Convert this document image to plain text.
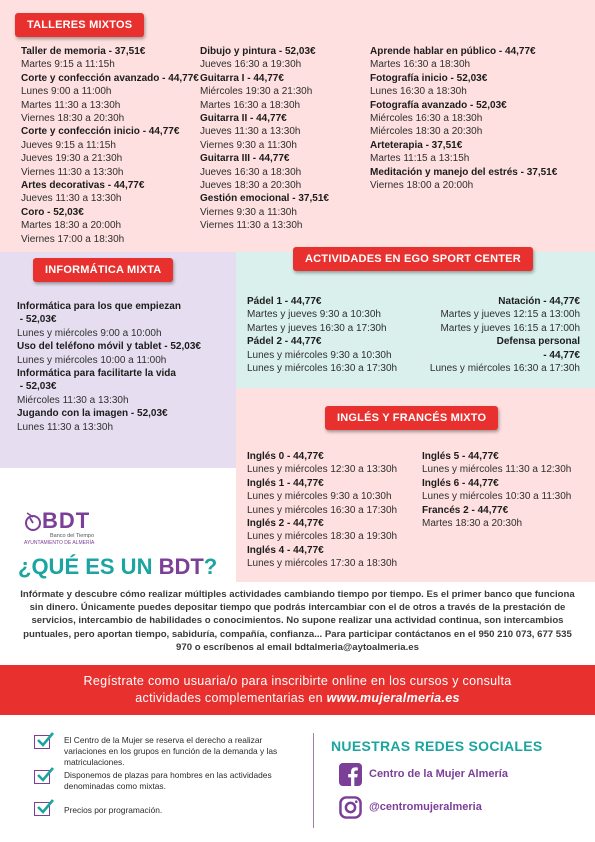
TALLERES MIXTOS
INFORMÁTICA MIXTA
ACTIVIDADES EN EGO SPORT CENTER
INGLÉS Y FRANCÉS MIXTO
Taller de memoria - 37,51€
Martes 9:15 a 11:15h
Corte y confección avanzado - 44,77€
Lunes 9:00 a 11:00h
Martes 11:30 a 13:30h
Viernes 18:30 a 20:30h
Corte y confección inicio - 44,77€
Jueves 9:15 a 11:15h
Jueves 19:30 a 21:30h
Viernes 11:30 a 13:30h
Artes decorativas - 44,77€
Jueves 11:30 a 13:30h
Coro - 52,03€
Martes 18:30 a 20:00h
Viernes 17:00 a 18:30h
Dibujo y pintura - 52,03€
Jueves 16:30 a 19:30h
Guitarra I - 44,77€
Miércoles 19:30 a 21:30h
Martes 16:30 a 18:30h
Guitarra II - 44,77€
Jueves 11:30 a 13:30h
Viernes 9:30 a 11:30h
Guitarra III - 44,77€
Jueves 16:30 a 18:30h
Jueves 18:30 a 20:30h
Gestión emocional - 37,51€
Viernes 9:30 a 11:30h
Viernes 11:30 a 13:30h
Aprende hablar en público - 44,77€
Martes 16:30 a 18:30h
Fotografía inicio - 52,03€
Lunes 16:30 a 18:30h
Fotografía avanzado - 52,03€
Miércoles 16:30 a 18:30h
Miércoles 18:30 a 20:30h
Arteterapia - 37,51€
Martes 11:15 a 13:15h
Meditación y manejo del estrés - 37,51€
Viernes 18:00 a 20:00h
Informática para los que empiezan
- 52,03€
Lunes y miércoles 9:00 a 10:00h
Uso del teléfono móvil y tablet - 52,03€
Lunes y miércoles 10:00 a 11:00h
Informática para facilitarte la vida
- 52,03€
Miércoles 11:30 a 13:30h
Jugando con la imagen - 52,03€
Lunes 11:30 a 13:30h
Pádel 1 - 44,77€
Martes y jueves 9:30 a 10:30h
Martes y jueves 16:30 a 17:30h
Pádel 2 - 44,77€
Lunes y miércoles 9:30 a 10:30h
Lunes y miércoles 16:30 a 17:30h
Natación - 44,77€
Martes y jueves 12:15 a 13:00h
Martes y jueves 16:15 a 17:00h
Defensa personal
- 44,77€
Lunes y miércoles 16:30 a 17:30h
Inglés 0 - 44,77€
Lunes y miércoles 12:30 a 13:30h
Inglés 1 - 44,77€
Lunes y miércoles 9:30 a 10:30h
Lunes y miércoles 16:30 a 17:30h
Inglés 2 - 44,77€
Lunes y miércoles 18:30 a 19:30h
Inglés 4 - 44,77€
Lunes y miércoles 17:30 a 18:30h
Inglés 5 - 44,77€
Lunes y miércoles 11:30 a 12:30h
Inglés 6 - 44,77€
Lunes y miércoles 10:30 a 11:30h
Francés 2 - 44,77€
Martes 18:30 a 20:30h
BDT
Banco del Tiempo
AYUNTAMIENTO DE ALMERÍA
¿QUÉ ES UN BDT?
Infórmate y descubre cómo realizar múltiples actividades cambiando tiempo por tiempo. Es el primer banco que funciona sin dinero. Únicamente puedes depositar tiempo que podrás intercambiar con el de otros a través de la prestación de servicios, intercambio de habilidades o conocimientos. No supone realizar una actividad continua, son intercambios puntuales, pero aportan tiempo, sabiduría, compañía, confianza... Para participar contáctanos en el 950 210 073, 677 535 970 o escríbenos al email bdtalmeria@aytoalmeria.es
Regístrate como usuaria/o para inscribirte online en los cursos y consulta
actividades complementarias en www.mujeralmeria.es
El Centro de la Mujer se reserva el derecho a realizar variaciones en los grupos en función de la demanda y las matriculaciones.
Disponemos de plazas para hombres en las actividades denominadas como mixtas.
Precios por programación.
NUESTRAS REDES SOCIALES
Centro de la Mujer Almería
@centromujeralmeria
